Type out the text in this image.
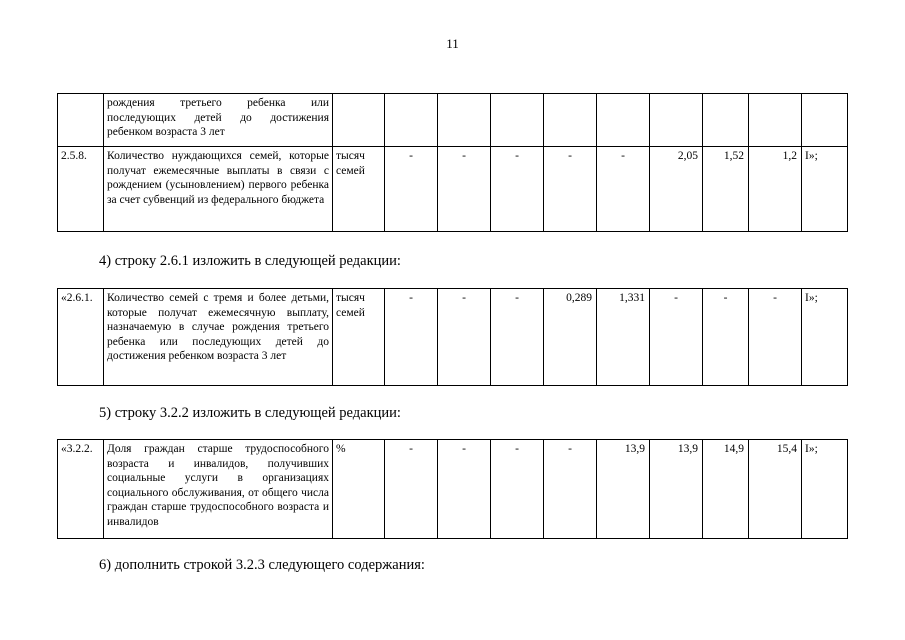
11
	рождения третьего ребенка или последующих детей до достижения ребенком возраста 3 лет										
2.5.8.	Количество нуждающихся семей, которые получат ежемесячные выплаты в связи с рождением (усыновлением) первого ребенка за счет субвенций из федерального бюджета	тысяч семей	-	-	-	-	-	2,05	1,52	1,2	I»;
4) строку 2.6.1 изложить в следующей редакции:
«2.6.1.	Количество семей с тремя и более детьми, которые получат ежемесячную выплату, назначаемую в случае рождения третьего ребенка или последующих детей до достижения ребенком возраста 3 лет	тысяч семей	-	-	-	0,289	1,331	-	-	-	I»;
5) строку 3.2.2 изложить в следующей редакции:
«3.2.2.	Доля граждан старше трудоспособного возраста и инвалидов, получивших социальные услуги в организациях социального обслуживания, от общего числа граждан старше трудоспособного возраста и инвалидов	%	-	-	-	-	13,9	13,9	14,9	15,4	I»;
6) дополнить строкой 3.2.3 следующего содержания:
